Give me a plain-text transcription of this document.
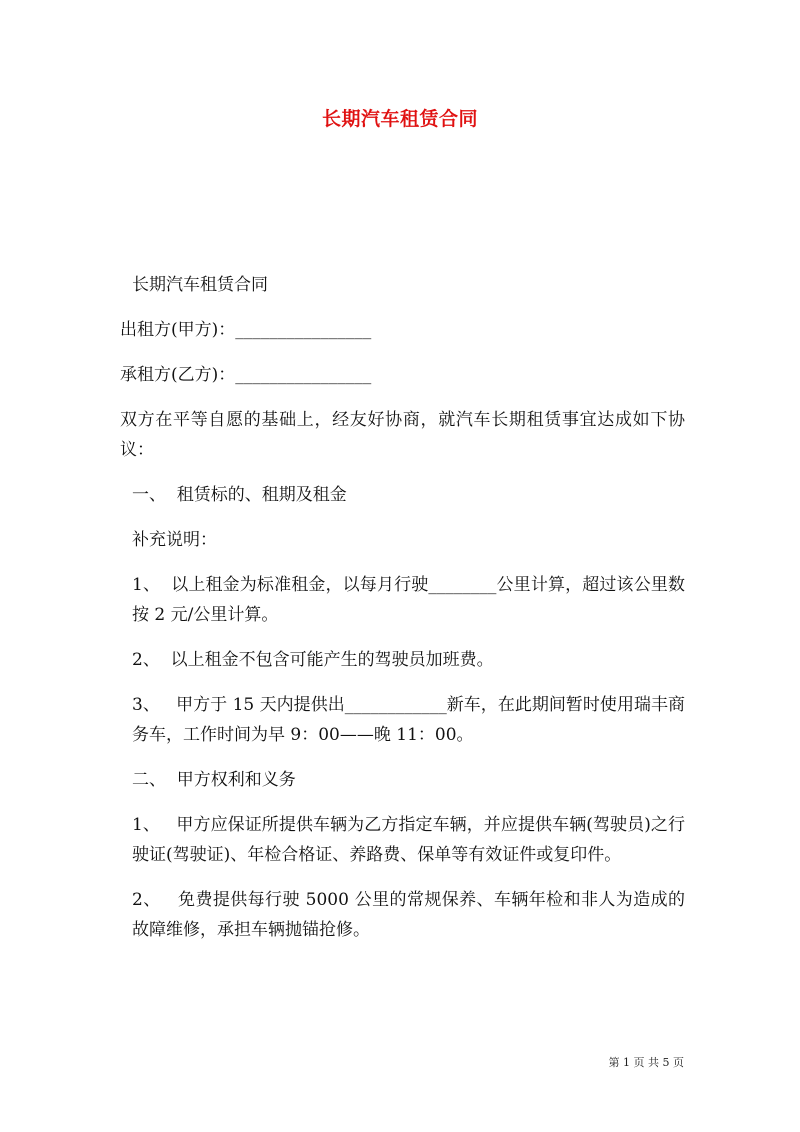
长期汽车租赁合同

长期汽车租赁合同

出租方(甲方)：________________

承租方(乙方)：________________

双方在平等自愿的基础上，经友好协商，就汽车长期租赁事宜达成如下协议：

一、  租赁标的、租期及租金

补充说明：

1、  以上租金为标准租金，以每月行驶________公里计算，超过该公里数按 2 元/公里计算。

2、  以上租金不包含可能产生的驾驶员加班费。

3、   甲方于 15 天内提供出____________新车，在此期间暂时使用瑞丰商务车，工作时间为早 9：00——晚 11：00。

二、  甲方权利和义务

1、   甲方应保证所提供车辆为乙方指定车辆，并应提供车辆(驾驶员)之行驶证(驾驶证)、年检合格证、养路费、保单等有效证件或复印件。

2、   免费提供每行驶 5000 公里的常规保养、车辆年检和非人为造成的故障维修，承担车辆抛锚抢修。

第 1 页 共 5 页
